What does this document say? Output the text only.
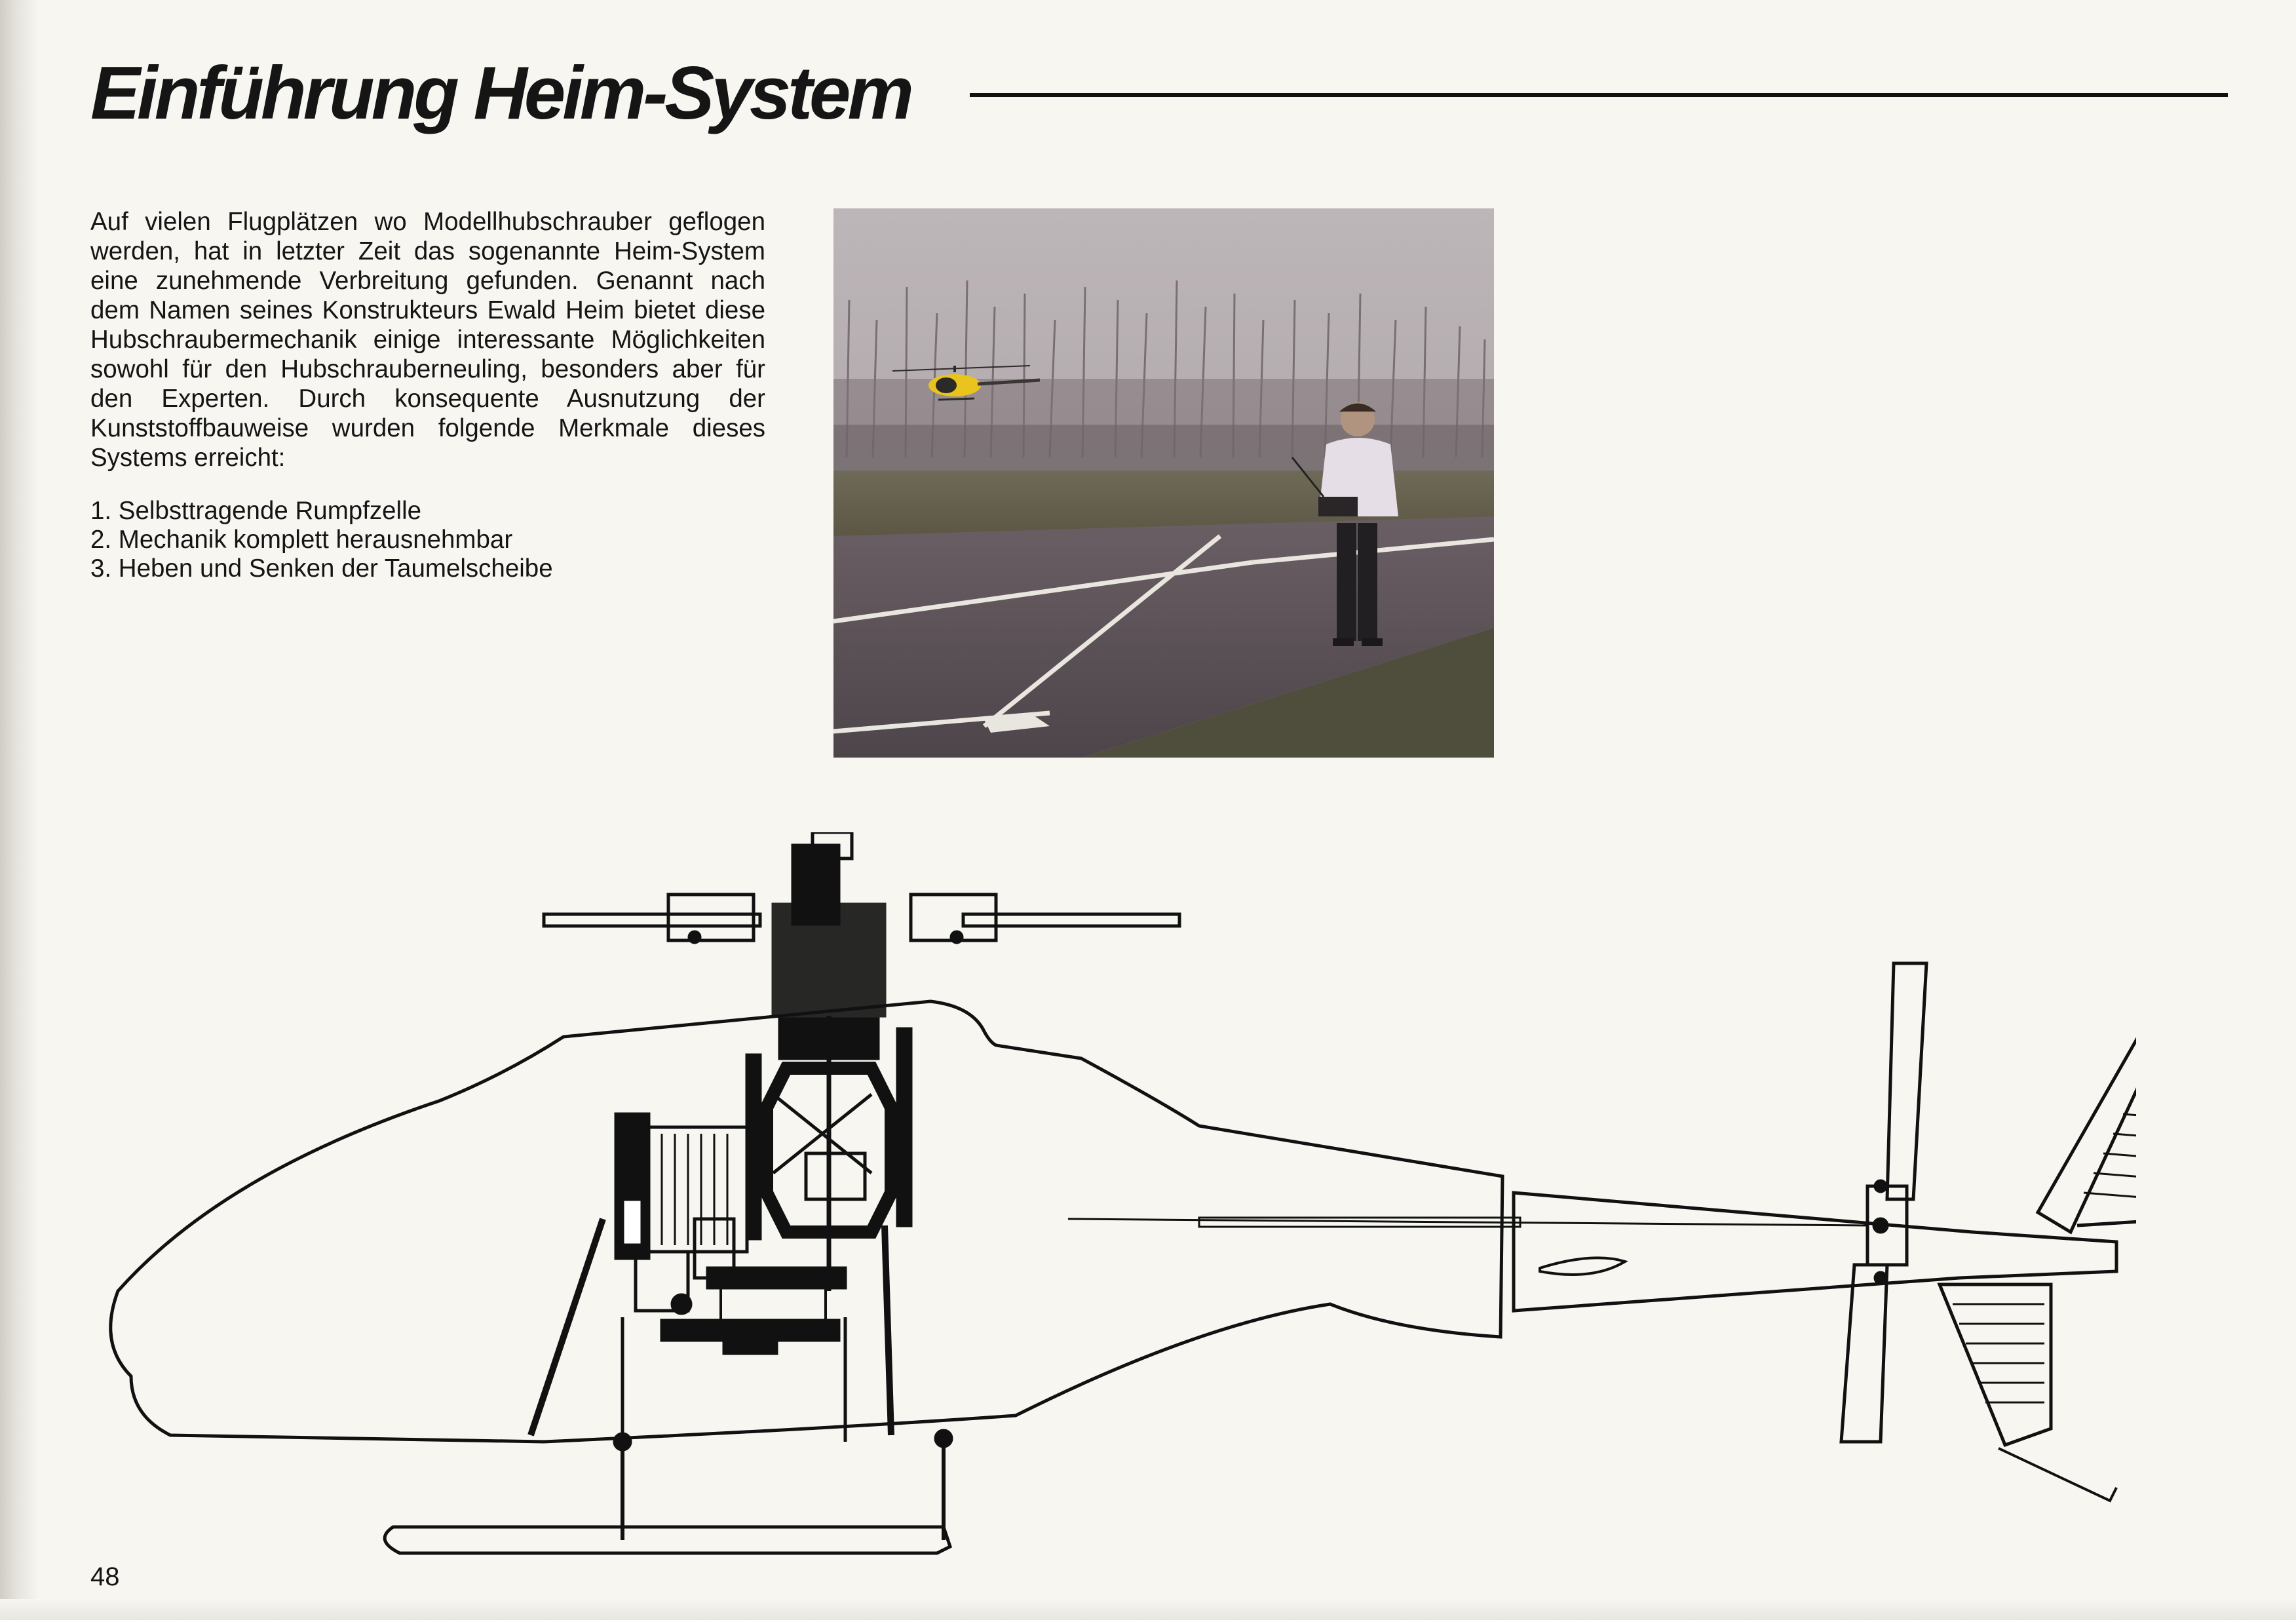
Einführung Heim-System

Auf vielen Flugplätzen wo Modellhubschrauber geflogen werden, hat in letzter Zeit das sogenannte Heim-System eine zunehmende Verbreitung gefunden. Genannt nach dem Namen seines Konstrukteurs Ewald Heim bietet diese Hubschraubermechanik einige interessante Möglichkeiten sowohl für den Hubschrauberneuling, besonders aber für den Experten. Durch konsequente Ausnutzung der Kunststoffbauweise wurden folgende Merkmale dieses Systems erreicht:

1. Selbsttragende Rumpfzelle
2. Mechanik komplett herausnehmbar
3. Heben und Senken der Taumelscheibe
48
